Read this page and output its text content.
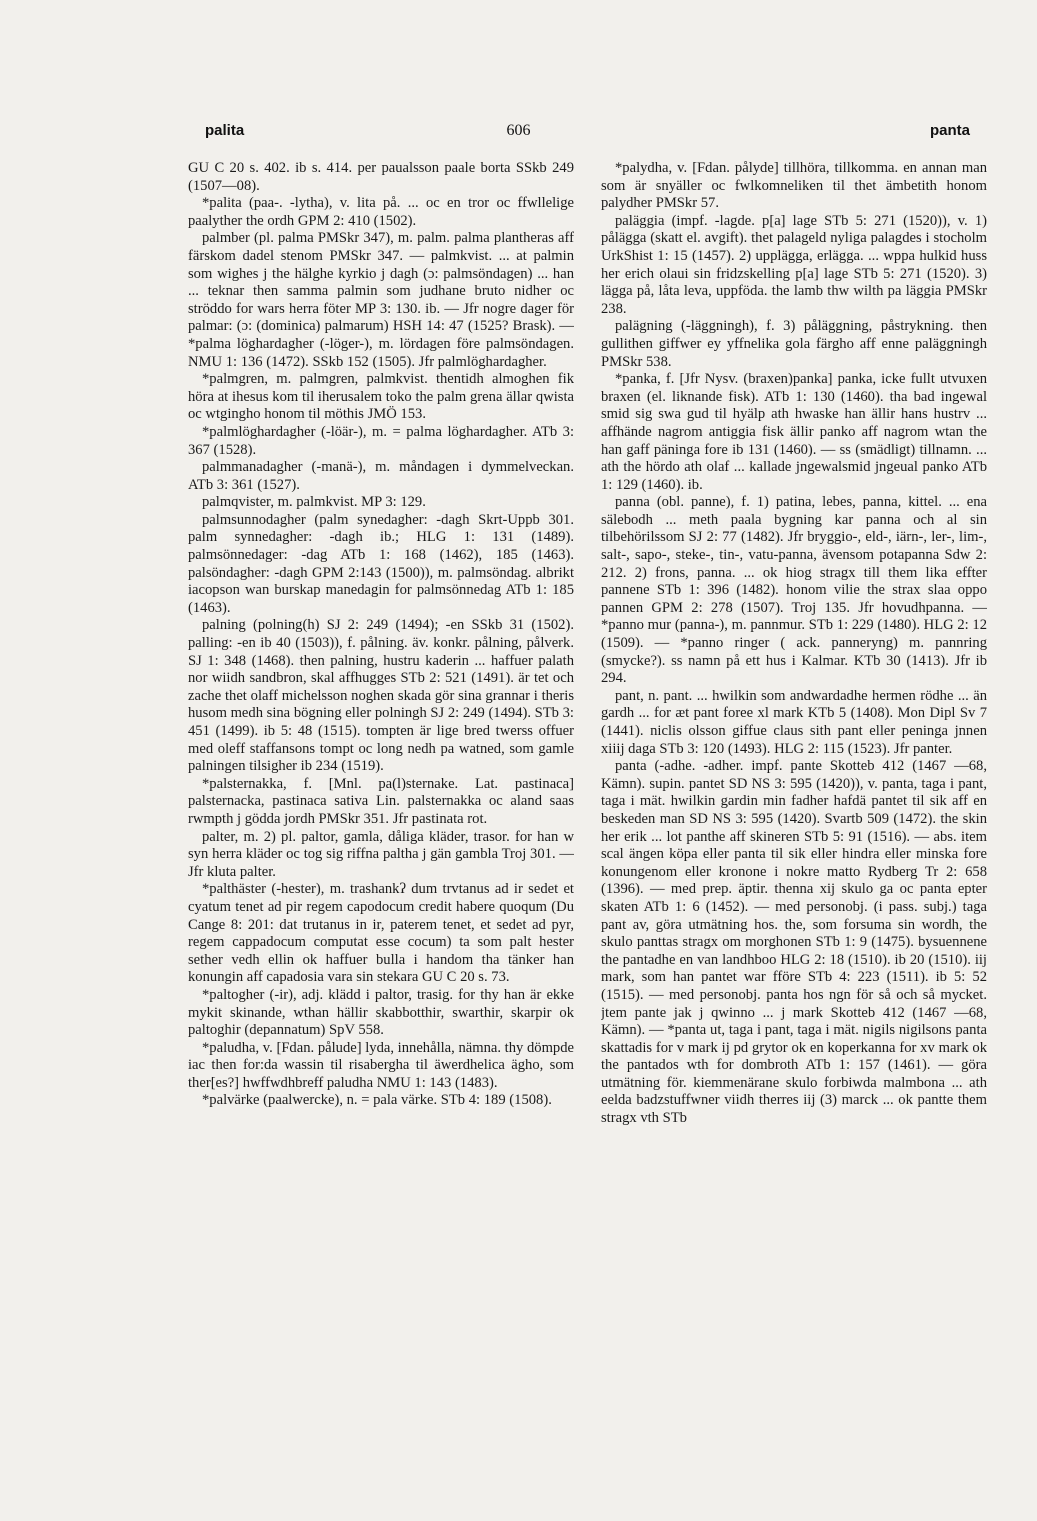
palita	606	panta

GU C 20 s. 402. ib s. 414. per paualsson paale borta SSkb 249 (1507—08).

*palita (paa-. -lytha), v. lita på. ... oc en tror oc ffwllelige paalyther the ordh GPM 2: 410 (1502).

palmber (pl. palma PMSkr 347), m. palm. palma plantheras aff färskom dadel stenom PMSkr 347. — palmkvist. ... at palmin som wighes j the hälghe kyrkio j dagh (ɔ: palmsöndagen) ... han ... teknar then samma palmin som judhane bruto nidher oc ströddo for wars herra föter MP 3: 130. ib. — Jfr nogre dager för palmar: (ɔ: (dominica) palmarum) HSH 14: 47 (1525? Brask). — *palma löghardagher (-löger-), m. lördagen före palmsöndagen. NMU 1: 136 (1472). SSkb 152 (1505). Jfr palmlöghardagher.

*palmgren, m. palmgren, palmkvist. thentidh almoghen fik höra at ihesus kom til iherusalem toko the palm grena ällar qwista oc wtgingho honom til möthis JMÖ 153.

*palmlöghardagher (-löär-), m. = palma löghardagher. ATb 3: 367 (1528).

palmmanadagher (-manä-), m. måndagen i dymmelveckan. ATb 3: 361 (1527).

palmqvister, m. palmkvist. MP 3: 129.

palmsunnodagher (palm synedagher: -dagh Skrt-Uppb 301. palm synnedagher: -dagh ib.; HLG 1: 131 (1489). palmsönnedager: -dag ATb 1: 168 (1462), 185 (1463). palsöndagher: -dagh GPM 2:143 (1500)), m. palmsöndag. albrikt iacopson wan burskap manedagin for palmsönnedag ATb 1: 185 (1463).

palning (polning(h) SJ 2: 249 (1494); -en SSkb 31 (1502). palling: -en ib 40 (1503)), f. pålning. äv. konkr. pålning, pålverk. SJ 1: 348 (1468). then palning, hustru kaderin ... haffuer palath nor wiidh sandbron, skal affhugges STb 2: 521 (1491). är tet och zache thet olaff michelsson noghen skada gör sina grannar i theris husom medh sina bögning eller polningh SJ 2: 249 (1494). STb 3: 451 (1499). ib 5: 48 (1515). tompten är lige bred twerss offuer med oleff staffansons tompt oc long nedh pa watned, som gamle palningen tilsigher ib 234 (1519).

*palsternakka, f. [Mnl. pa(l)sternake. Lat. pastinaca] palsternacka, pastinaca sativa Lin. palsternakka oc aland saas rwmpth j gödda jordh PMSkr 351. Jfr pastinata rot.

palter, m. 2) pl. paltor, gamla, dåliga kläder, trasor. for han w syn herra kläder oc tog sig riffna paltha j gän gambla Troj 301. — Jfr kluta palter.

*palthäster (-hester), m. trashankʔ dum trvtanus ad ir sedet et cyatum tenet ad pir regem capodocum credit habere quoqum (Du Cange 8: 201: dat trutanus in ir, paterem tenet, et sedet ad pyr, regem cappadocum computat esse cocum) ta som palt hester sether vedh ellin ok haffuer bulla i handom tha tänker han konungin aff capadosia vara sin stekara GU C 20 s. 73.

*paltogher (-ir), adj. klädd i paltor, trasig. for thy han är ekke mykit skinande, wthan hällir skabbotthir, swarthir, skarpir ok paltoghir (depannatum) SpV 558.

*paludha, v. [Fdan. pålude] lyda, innehålla, nämna. thy dömpde iac then for:da wassin til risabergha til äwerdhelica ägho, som ther[es?] hwffwdhbreff paludha NMU 1: 143 (1483).

*palvärke (paalwercke), n. = pala värke. STb 4: 189 (1508).

*palydha, v. [Fdan. pålyde] tillhöra, tillkomma. en annan man som är snyäller oc fwlkomneliken til thet ämbetith honom palydher PMSkr 57.

paläggia (impf. -lagde. p[a] lage STb 5: 271 (1520)), v. 1) pålägga (skatt el. avgift). thet palageld nyliga palagdes i stocholm UrkShist 1: 15 (1457). 2) upplägga, erlägga. ... wppa hulkid huss her erich olaui sin fridzskelling p[a] lage STb 5: 271 (1520). 3) lägga på, låta leva, uppföda. the lamb thw wilth pa läggia PMSkr 238.

palägning (-läggningh), f. 3) påläggning, påstrykning. then gullithen giffwer ey yffnelika gola färgho aff enne paläggningh PMSkr 538.

*panka, f. [Jfr Nysv. (braxen)panka] panka, icke fullt utvuxen braxen (el. liknande fisk). ATb 1: 130 (1460). tha bad ingewal smid sig swa gud til hyälp ath hwaske han ällir hans hustrv ... affhände nagrom antiggia fisk ällir panko aff nagrom wtan the han gaff päninga fore ib 131 (1460). — ss (smädligt) tillnamn. ... ath the hördo ath olaf ... kallade jngewalsmid jngeual panko ATb 1: 129 (1460). ib.

panna (obl. panne), f. 1) patina, lebes, panna, kittel. ... ena sälebodh ... meth paala bygning kar panna och al sin tilbehörilssom SJ 2: 77 (1482). Jfr bryggio-, eld-, iärn-, ler-, lim-, salt-, sapo-, steke-, tin-, vatu-panna, ävensom potapanna Sdw 2: 212. 2) frons, panna. ... ok hiog stragx till them lika effter pannene STb 1: 396 (1482). honom vilie the strax slaa oppo pannen GPM 2: 278 (1507). Troj 135. Jfr hovudhpanna. — *panno mur (panna-), m. pannmur. STb 1: 229 (1480). HLG 2: 12 (1509). — *panno ringer ( ack. panneryng) m. pannring (smycke?). ss namn på ett hus i Kalmar. KTb 30 (1413). Jfr ib 294.

pant, n. pant. ... hwilkin som andwardadhe hermen rödhe ... än gardh ... for æt pant foree xl mark KTb 5 (1408). Mon Dipl Sv 7 (1441). niclis olsson giffue claus sith pant eller peninga jnnen xiiij daga STb 3: 120 (1493). HLG 2: 115 (1523). Jfr panter.

panta (-adhe. -adher. impf. pante Skotteb 412 (1467 —68, Kämn). supin. pantet SD NS 3: 595 (1420)), v. panta, taga i pant, taga i mät. hwilkin gardin min fadher hafdä pantet til sik aff en beskeden man SD NS 3: 595 (1420). Svartb 509 (1472). the skin her erik ... lot panthe aff skineren STb 5: 91 (1516). — abs. item scal ängen köpa eller panta til sik eller hindra eller minska fore konungenom eller kronone i nokre matto Rydberg Tr 2: 658 (1396). — med prep. äptir. thenna xij skulo ga oc panta epter skaten ATb 1: 6 (1452). — med personobj. (i pass. subj.) taga pant av, göra utmätning hos. the, som forsuma sin wordh, the skulo panttas stragx om morghonen STb 1: 9 (1475). bysuennene the pantadhe en van landhboo HLG 2: 18 (1510). ib 20 (1510). iij mark, som han pantet war fföre STb 4: 223 (1511). ib 5: 52 (1515). — med personobj. panta hos ngn för så och så mycket. jtem pante jak j qwinno ... j mark Skotteb 412 (1467 —68, Kämn). — *panta ut, taga i pant, taga i mät. nigils nigilsons panta skattadis for v mark ij pd grytor ok en koperkanna for xv mark ok the pantados wth for dombroth ATb 1: 157 (1461). — göra utmätning för. kiemmenärane skulo forbiwda malmbona ... ath eelda badzstuffwner viidh therres iij (3) marck ... ok pantte them stragx vth STb
